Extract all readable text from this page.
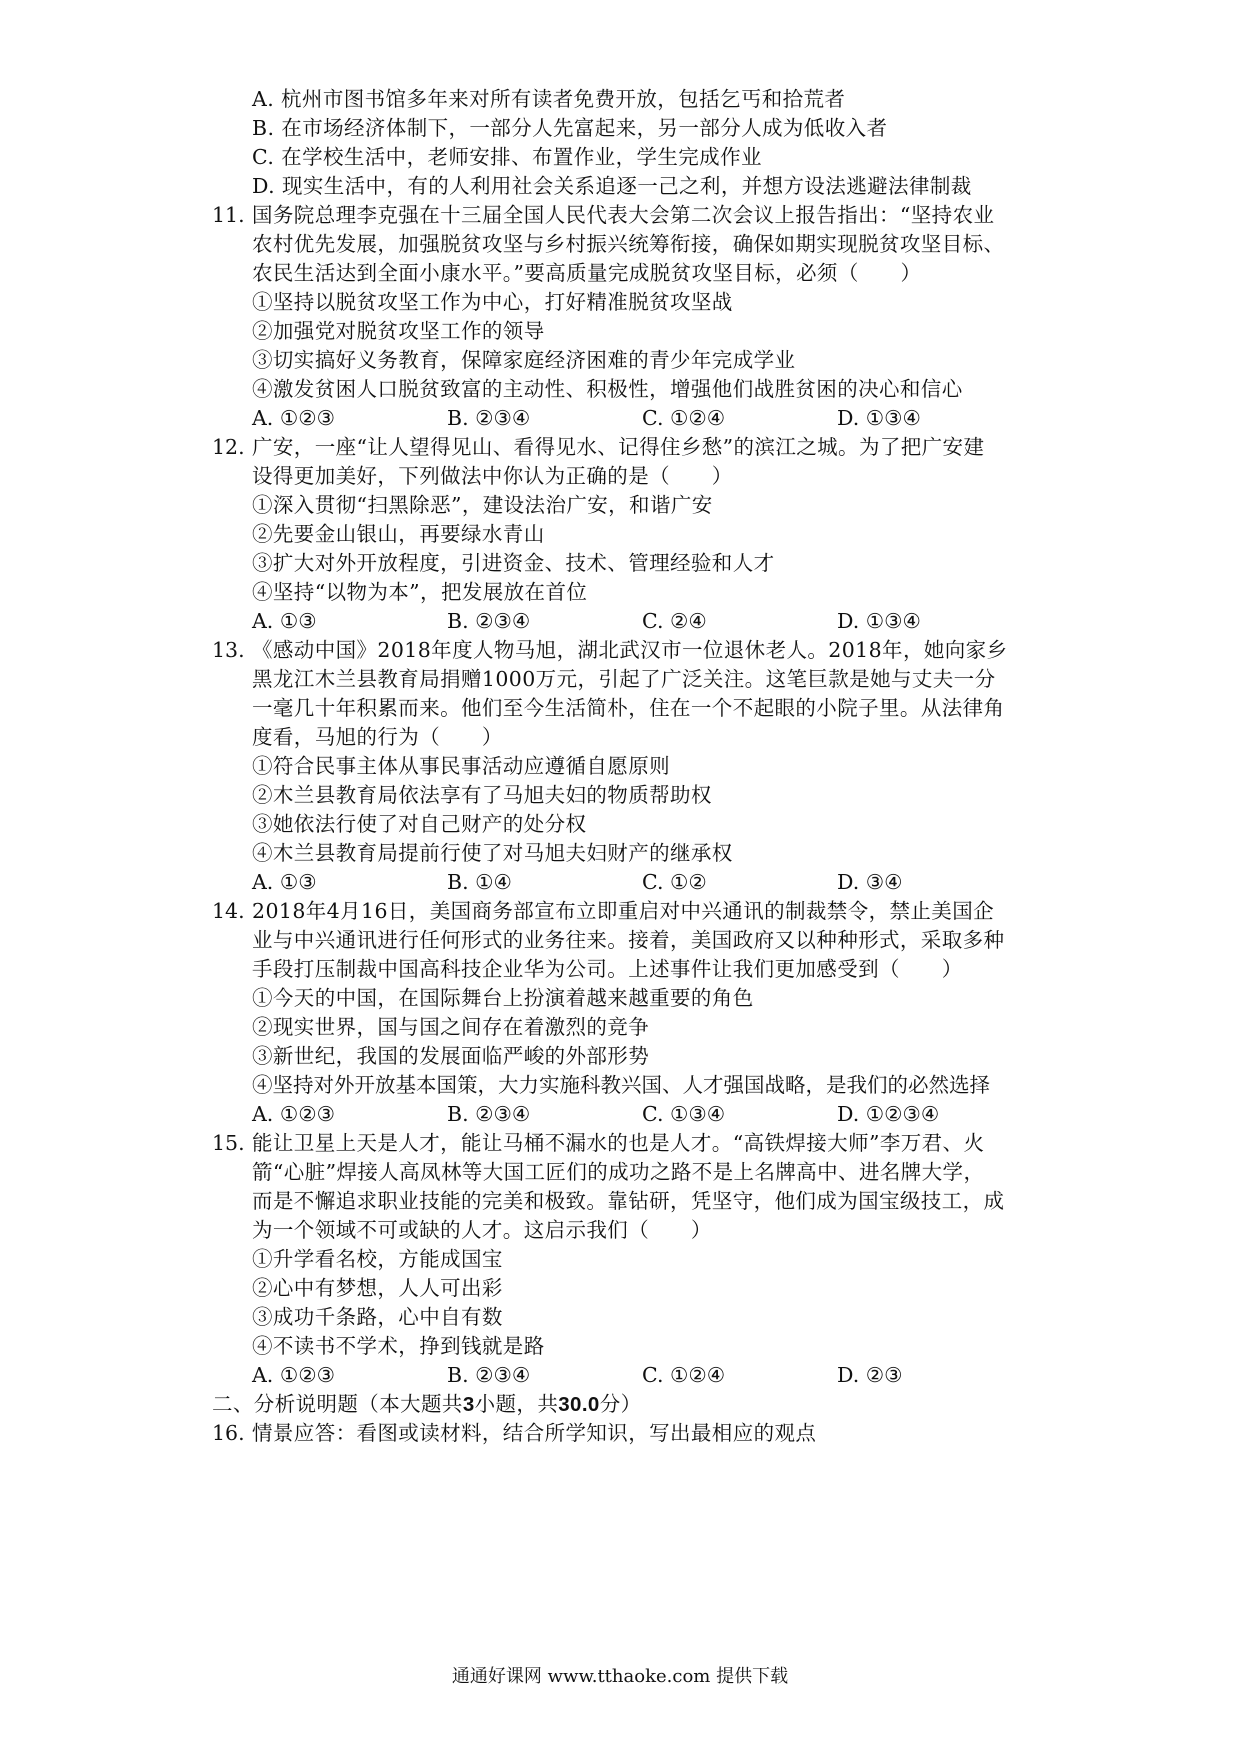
A. 杭州市图书馆多年来对所有读者免费开放，包括乞丐和拾荒者
B. 在市场经济体制下，一部分人先富起来，另一部分人成为低收入者
C. 在学校生活中，老师安排、布置作业，学生完成作业
D. 现实生活中，有的人利用社会关系追逐一己之利，并想方设法逃避法律制裁
11. 国务院总理李克强在十三届全国人民代表大会第二次会议上报告指出：“坚持农业
农村优先发展，加强脱贫攻坚与乡村振兴统筹衔接，确保如期实现脱贫攻坚目标、
农民生活达到全面小康水平。”要高质量完成脱贫攻坚目标，必须（　　）
①坚持以脱贫攻坚工作为中心，打好精准脱贫攻坚战
②加强党对脱贫攻坚工作的领导
③切实搞好义务教育，保障家庭经济困难的青少年完成学业
④激发贫困人口脱贫致富的主动性、积极性，增强他们战胜贫困的决心和信心
A. ①②③	B. ②③④	C. ①②④	D. ①③④
12. 广安，一座“让人望得见山、看得见水、记得住乡愁”的滨江之城。为了把广安建
设得更加美好，下列做法中你认为正确的是（　　）
①深入贯彻“扫黑除恶”，建设法治广安，和谐广安
②先要金山银山，再要绿水青山
③扩大对外开放程度，引进资金、技术、管理经验和人才
④坚持“以物为本”，把发展放在首位
A. ①③	B. ②③④	C. ②④	D. ①③④
13. 《感动中国》2018年度人物马旭，湖北武汉市一位退休老人。2018年，她向家乡
黑龙江木兰县教育局捐赠1000万元，引起了广泛关注。这笔巨款是她与丈夫一分
一毫几十年积累而来。他们至今生活简朴，住在一个不起眼的小院子里。从法律角
度看，马旭的行为（　　）
①符合民事主体从事民事活动应遵循自愿原则
②木兰县教育局依法享有了马旭夫妇的物质帮助权
③她依法行使了对自己财产的处分权
④木兰县教育局提前行使了对马旭夫妇财产的继承权
A. ①③	B. ①④	C. ①②	D. ③④
14. 2018年4月16日，美国商务部宣布立即重启对中兴通讯的制裁禁令，禁止美国企
业与中兴通讯进行任何形式的业务往来。接着，美国政府又以种种形式，采取多种
手段打压制裁中国高科技企业华为公司。上述事件让我们更加感受到（　　）
①今天的中国，在国际舞台上扮演着越来越重要的角色
②现实世界，国与国之间存在着激烈的竞争
③新世纪，我国的发展面临严峻的外部形势
④坚持对外开放基本国策，大力实施科教兴国、人才强国战略，是我们的必然选择
A. ①②③	B. ②③④	C. ①③④	D. ①②③④
15. 能让卫星上天是人才，能让马桶不漏水的也是人才。“高铁焊接大师”李万君、火
箭“心脏”焊接人高凤林等大国工匠们的成功之路不是上名牌高中、进名牌大学，
而是不懈追求职业技能的完美和极致。靠钻研，凭坚守，他们成为国宝级技工，成
为一个领域不可或缺的人才。这启示我们（　　）
①升学看名校，方能成国宝
②心中有梦想，人人可出彩
③成功千条路，心中自有数
④不读书不学术，挣到钱就是路
A. ①②③	B. ②③④	C. ①②④	D. ②③
二、分析说明题（本大题共3小题，共30.0分）
16. 情景应答：看图或读材料，结合所学知识，写出最相应的观点
通通好课网 www.tthaoke.com 提供下载
